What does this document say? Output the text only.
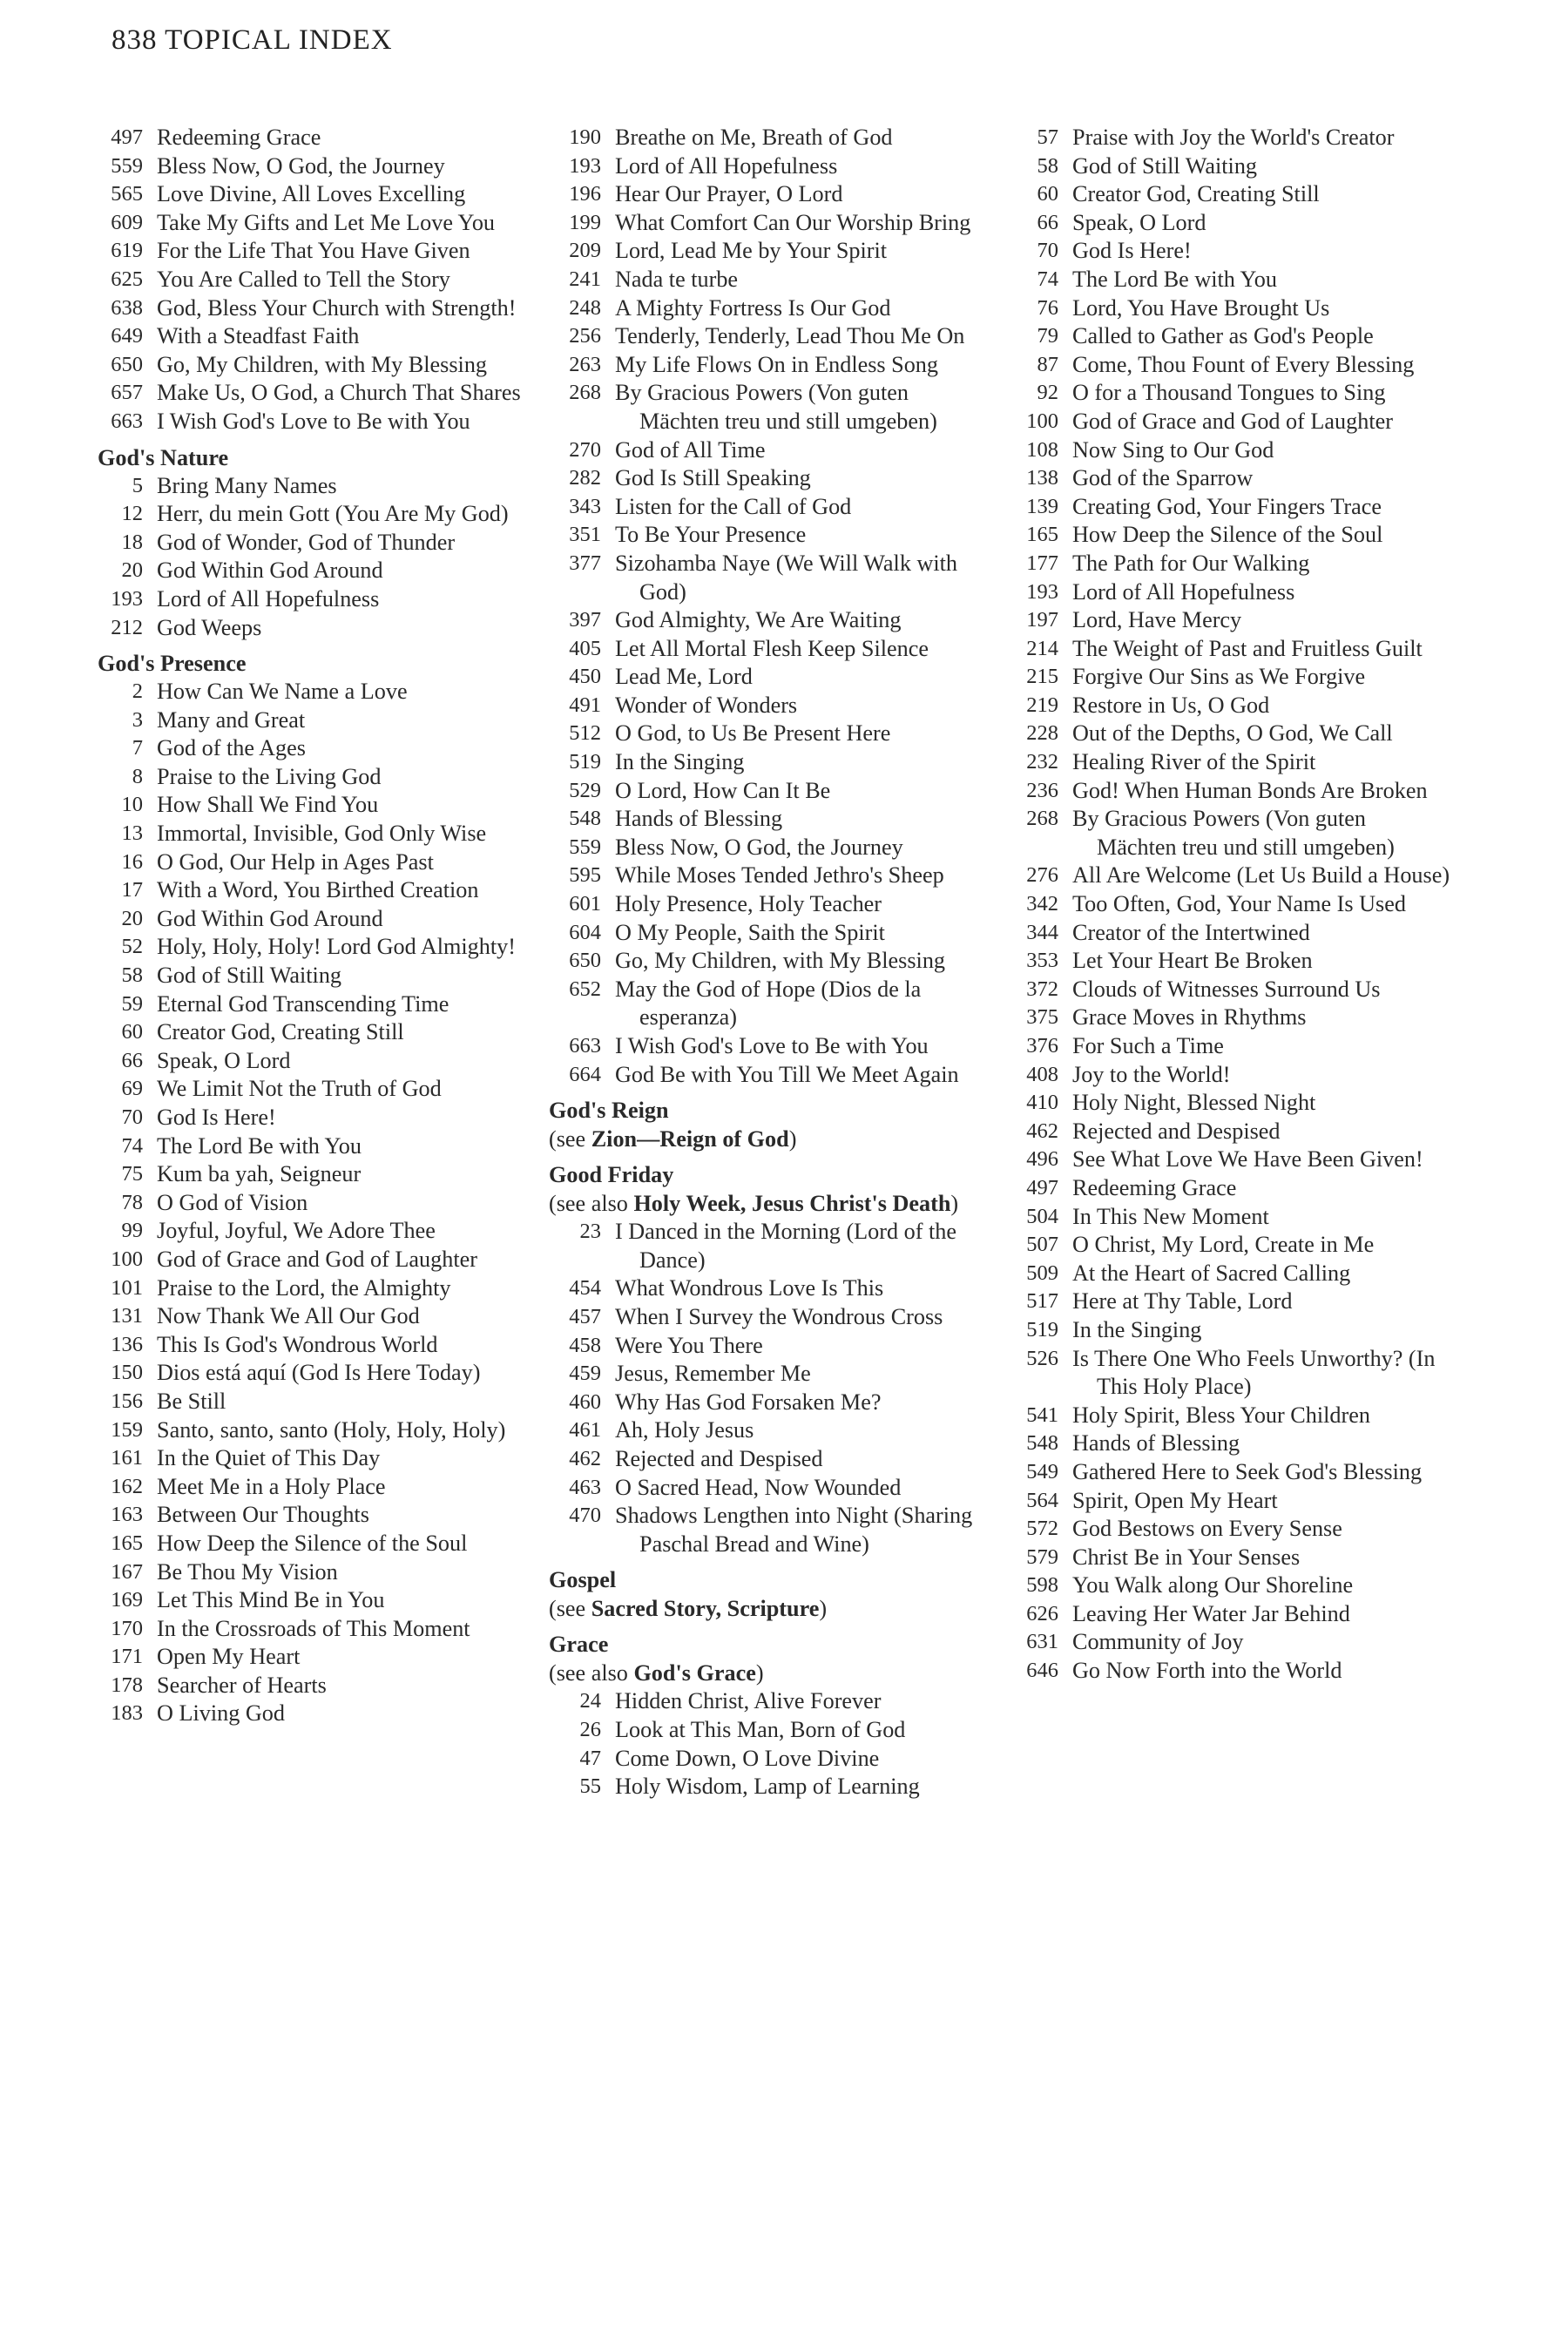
838 TOPICAL INDEX
497 Redeeming Grace
559 Bless Now, O God, the Journey
565 Love Divine, All Loves Excelling
609 Take My Gifts and Let Me Love You
619 For the Life That You Have Given
625 You Are Called to Tell the Story
638 God, Bless Your Church with Strength!
649 With a Steadfast Faith
650 Go, My Children, with My Blessing
657 Make Us, O God, a Church That Shares
663 I Wish God's Love to Be with You
God's Nature
5 Bring Many Names
12 Herr, du mein Gott (You Are My God)
18 God of Wonder, God of Thunder
20 God Within God Around
193 Lord of All Hopefulness
212 God Weeps
God's Presence
2 How Can We Name a Love
3 Many and Great
7 God of the Ages
8 Praise to the Living God
10 How Shall We Find You
13 Immortal, Invisible, God Only Wise
16 O God, Our Help in Ages Past
17 With a Word, You Birthed Creation
20 God Within God Around
52 Holy, Holy, Holy! Lord God Almighty!
58 God of Still Waiting
59 Eternal God Transcending Time
60 Creator God, Creating Still
66 Speak, O Lord
69 We Limit Not the Truth of God
70 God Is Here!
74 The Lord Be with You
75 Kum ba yah, Seigneur
78 O God of Vision
99 Joyful, Joyful, We Adore Thee
100 God of Grace and God of Laughter
101 Praise to the Lord, the Almighty
131 Now Thank We All Our God
136 This Is God's Wondrous World
150 Dios está aquí (God Is Here Today)
156 Be Still
159 Santo, santo, santo (Holy, Holy, Holy)
161 In the Quiet of This Day
162 Meet Me in a Holy Place
163 Between Our Thoughts
165 How Deep the Silence of the Soul
167 Be Thou My Vision
169 Let This Mind Be in You
170 In the Crossroads of This Moment
171 Open My Heart
178 Searcher of Hearts
183 O Living God
190 Breathe on Me, Breath of God
193 Lord of All Hopefulness
196 Hear Our Prayer, O Lord
199 What Comfort Can Our Worship Bring
209 Lord, Lead Me by Your Spirit
241 Nada te turbe
248 A Mighty Fortress Is Our God
256 Tenderly, Tenderly, Lead Thou Me On
263 My Life Flows On in Endless Song
268 By Gracious Powers (Von guten Mächten treu und still umgeben)
270 God of All Time
282 God Is Still Speaking
343 Listen for the Call of God
351 To Be Your Presence
377 Sizohamba Naye (We Will Walk with God)
397 God Almighty, We Are Waiting
405 Let All Mortal Flesh Keep Silence
450 Lead Me, Lord
491 Wonder of Wonders
512 O God, to Us Be Present Here
519 In the Singing
529 O Lord, How Can It Be
548 Hands of Blessing
559 Bless Now, O God, the Journey
595 While Moses Tended Jethro's Sheep
601 Holy Presence, Holy Teacher
604 O My People, Saith the Spirit
650 Go, My Children, with My Blessing
652 May the God of Hope (Dios de la esperanza)
663 I Wish God's Love to Be with You
664 God Be with You Till We Meet Again
God's Reign
(see Zion—Reign of God)
Good Friday
(see also Holy Week, Jesus Christ's Death)
23 I Danced in the Morning (Lord of the Dance)
454 What Wondrous Love Is This
457 When I Survey the Wondrous Cross
458 Were You There
459 Jesus, Remember Me
460 Why Has God Forsaken Me?
461 Ah, Holy Jesus
462 Rejected and Despised
463 O Sacred Head, Now Wounded
470 Shadows Lengthen into Night (Sharing Paschal Bread and Wine)
Gospel
(see Sacred Story, Scripture)
Grace
(see also God's Grace)
24 Hidden Christ, Alive Forever
26 Look at This Man, Born of God
47 Come Down, O Love Divine
55 Holy Wisdom, Lamp of Learning
57 Praise with Joy the World's Creator
58 God of Still Waiting
60 Creator God, Creating Still
66 Speak, O Lord
70 God Is Here!
74 The Lord Be with You
76 Lord, You Have Brought Us
79 Called to Gather as God's People
87 Come, Thou Fount of Every Blessing
92 O for a Thousand Tongues to Sing
100 God of Grace and God of Laughter
108 Now Sing to Our God
138 God of the Sparrow
139 Creating God, Your Fingers Trace
165 How Deep the Silence of the Soul
177 The Path for Our Walking
193 Lord of All Hopefulness
197 Lord, Have Mercy
214 The Weight of Past and Fruitless Guilt
215 Forgive Our Sins as We Forgive
219 Restore in Us, O God
228 Out of the Depths, O God, We Call
232 Healing River of the Spirit
236 God! When Human Bonds Are Broken
268 By Gracious Powers (Von guten Mächten treu und still umgeben)
276 All Are Welcome (Let Us Build a House)
342 Too Often, God, Your Name Is Used
344 Creator of the Intertwined
353 Let Your Heart Be Broken
372 Clouds of Witnesses Surround Us
375 Grace Moves in Rhythms
376 For Such a Time
408 Joy to the World!
410 Holy Night, Blessed Night
462 Rejected and Despised
496 See What Love We Have Been Given!
497 Redeeming Grace
504 In This New Moment
507 O Christ, My Lord, Create in Me
509 At the Heart of Sacred Calling
517 Here at Thy Table, Lord
519 In the Singing
526 Is There One Who Feels Unworthy? (In This Holy Place)
541 Holy Spirit, Bless Your Children
548 Hands of Blessing
549 Gathered Here to Seek God's Blessing
564 Spirit, Open My Heart
572 God Bestows on Every Sense
579 Christ Be in Your Senses
598 You Walk along Our Shoreline
626 Leaving Her Water Jar Behind
631 Community of Joy
646 Go Now Forth into the World
